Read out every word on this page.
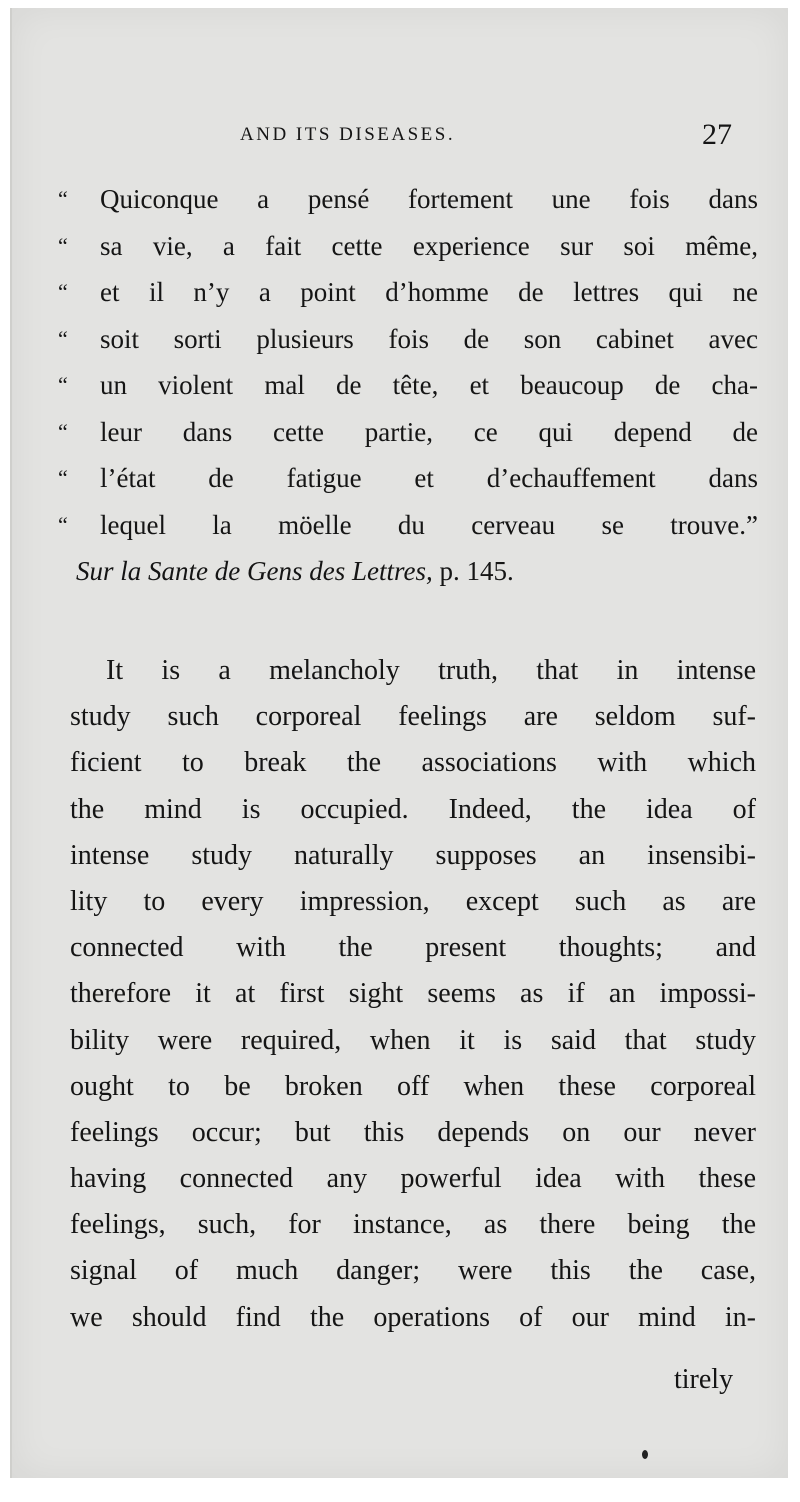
AND ITS DISEASES.	27
“	Quiconque a pensé fortement une fois dans
“	sa vie, a fait cette experience sur soi même,
“	et il n’y a point d’homme de lettres qui ne
“	soit sorti plusieurs fois de son cabinet avec
“	un violent mal de tête, et beaucoup de cha-
“	leur dans cette partie, ce qui depend de
“	l’état de fatigue et d’echauffement dans
“	lequel la möelle du cerveau se trouve.”
Sur la Sante de Gens des Lettres, p. 145.
It is a melancholy truth, that in intense
study such corporeal feelings are seldom suf-
ficient to break the associations with which
the mind is occupied. Indeed, the idea of
intense study naturally supposes an insensibi-
lity to every impression, except such as are
connected with the present thoughts; and
therefore it at first sight seems as if an impossi-
bility were required, when it is said that study
ought to be broken off when these corporeal
feelings occur; but this depends on our never
having connected any powerful idea with these
feelings, such, for instance, as there being the
signal of much danger; were this the case,
we should find the operations of our mind in-
tirely
